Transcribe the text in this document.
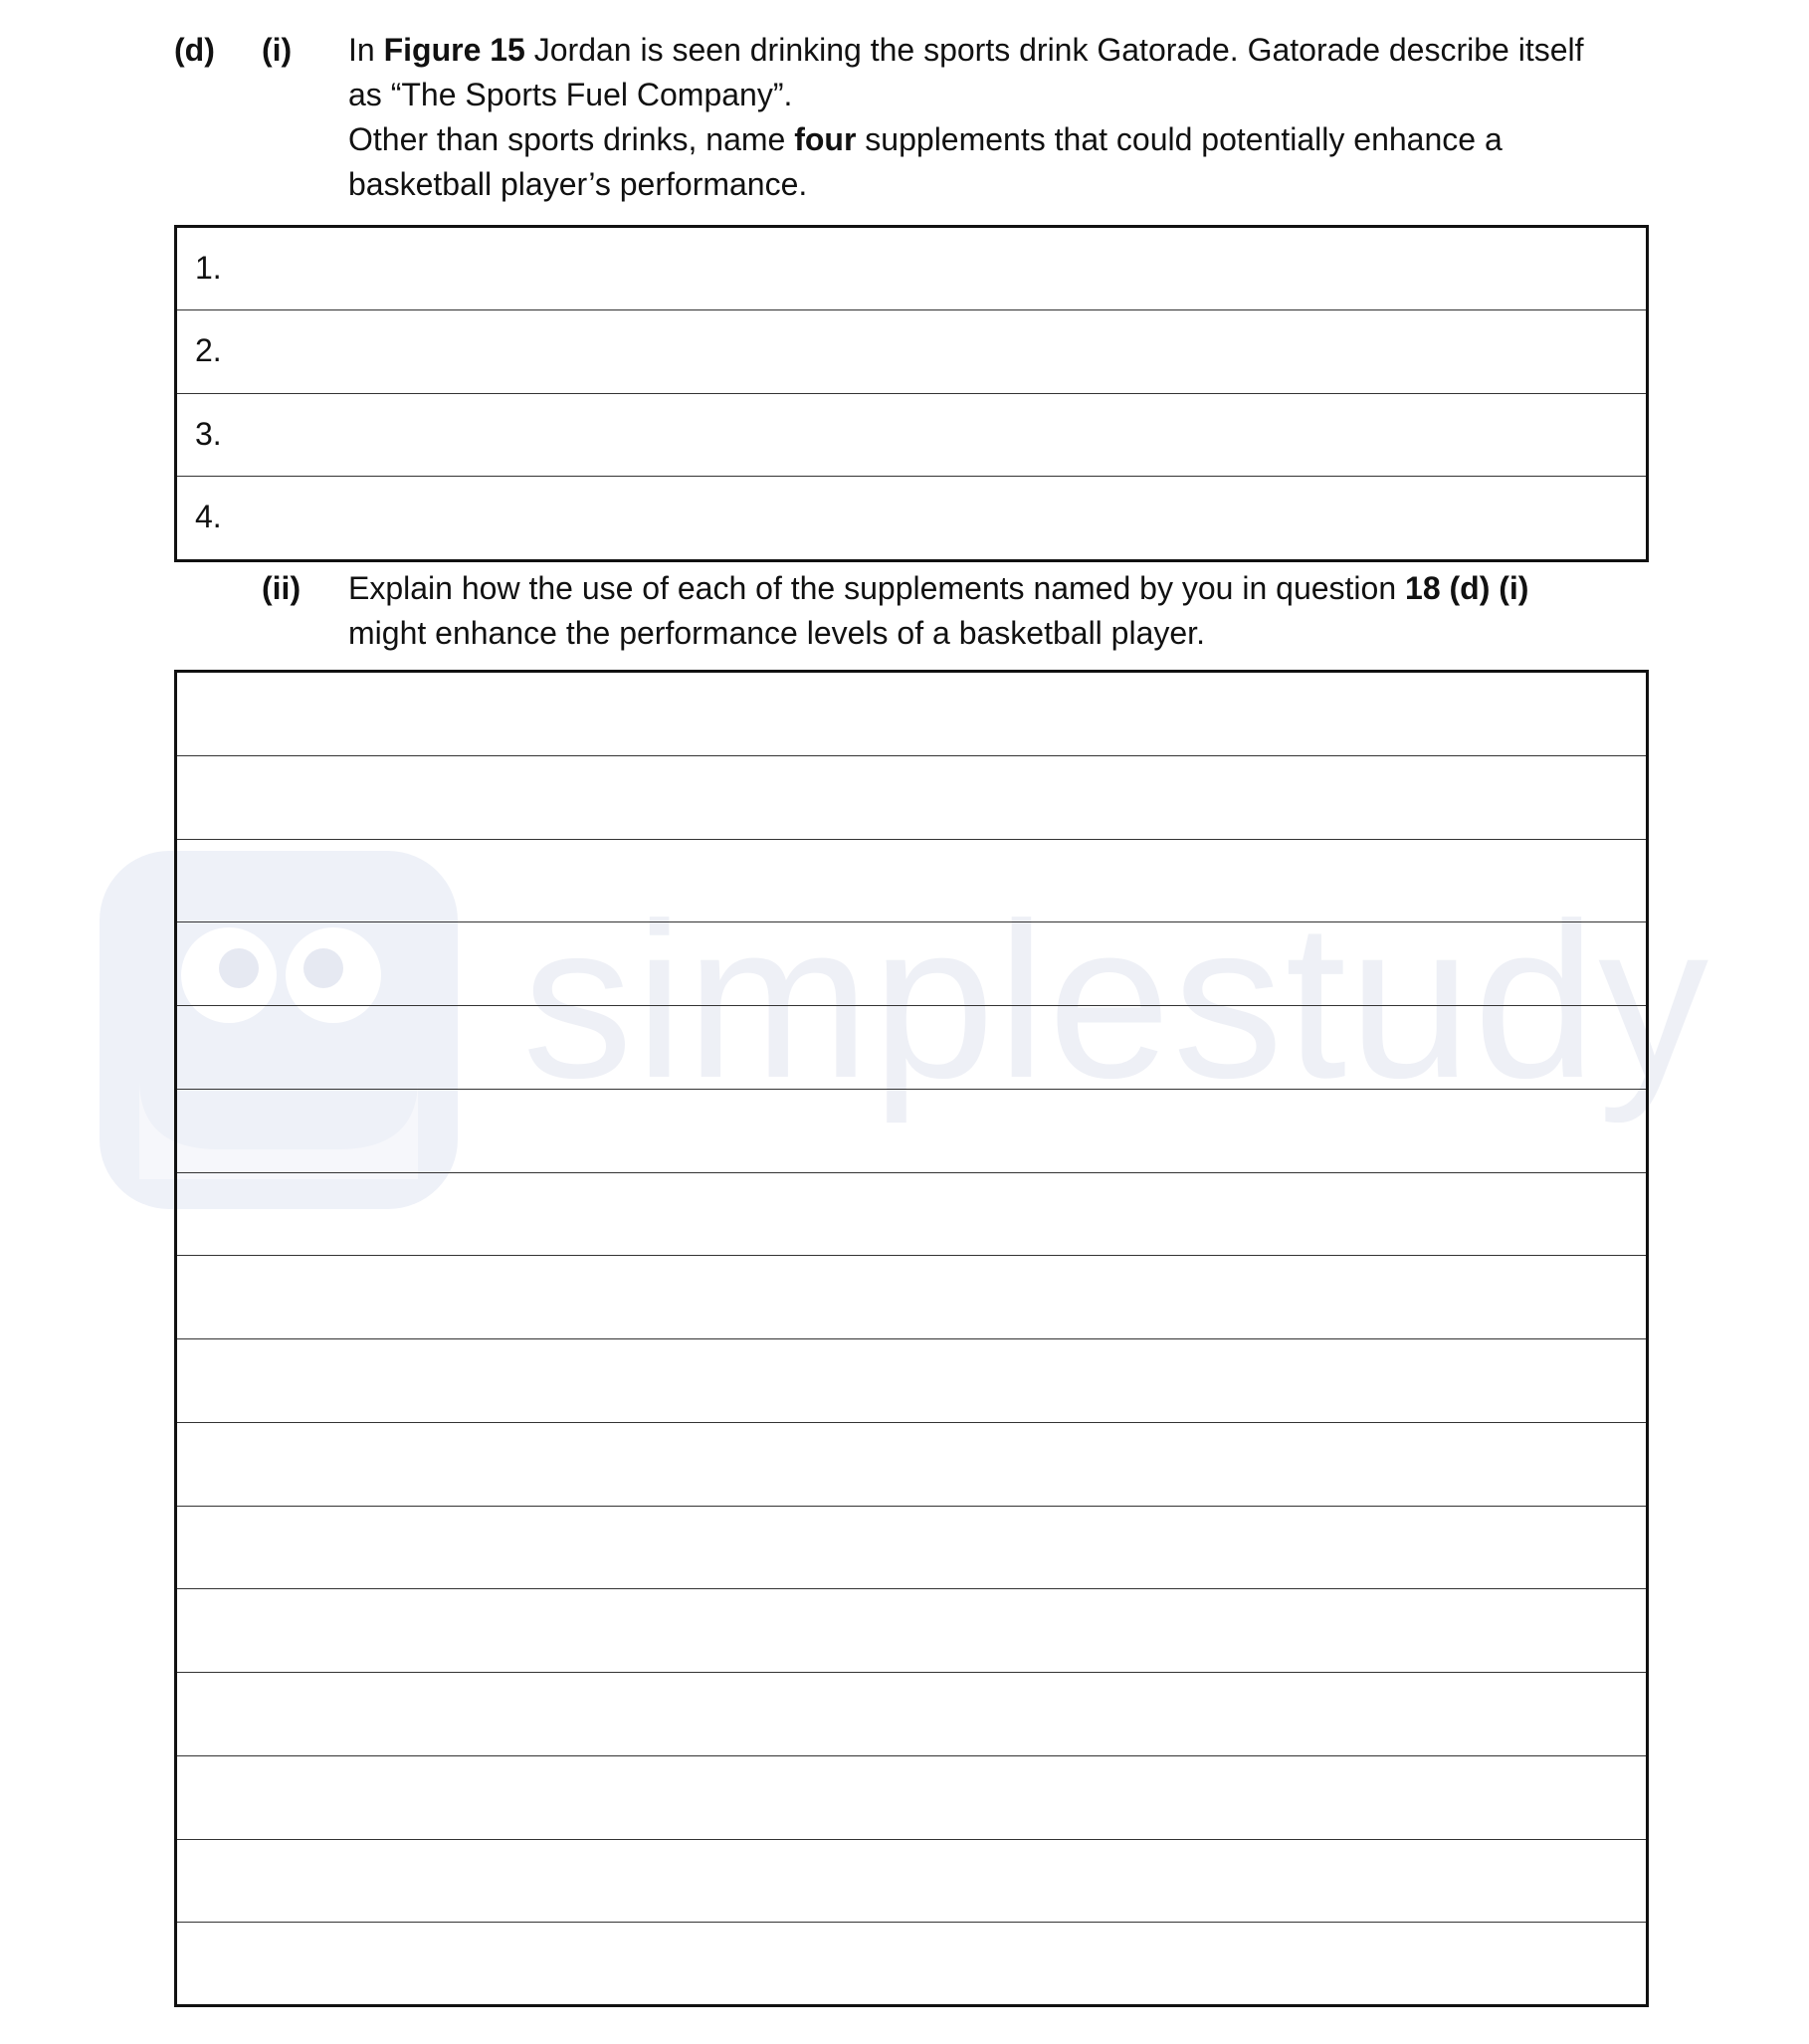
simplestudy
(d) (i) In Figure 15 Jordan is seen drinking the sports drink Gatorade. Gatorade describe itself

as “The Sports Fuel Company”.

Other than sports drinks, name four supplements that could potentially enhance a

basketball player’s performance.

1.
2.
3.
4.
(ii) Explain how the use of each of the supplements named by you in question 18 (d) (i)

might enhance the performance levels of a basketball player.
